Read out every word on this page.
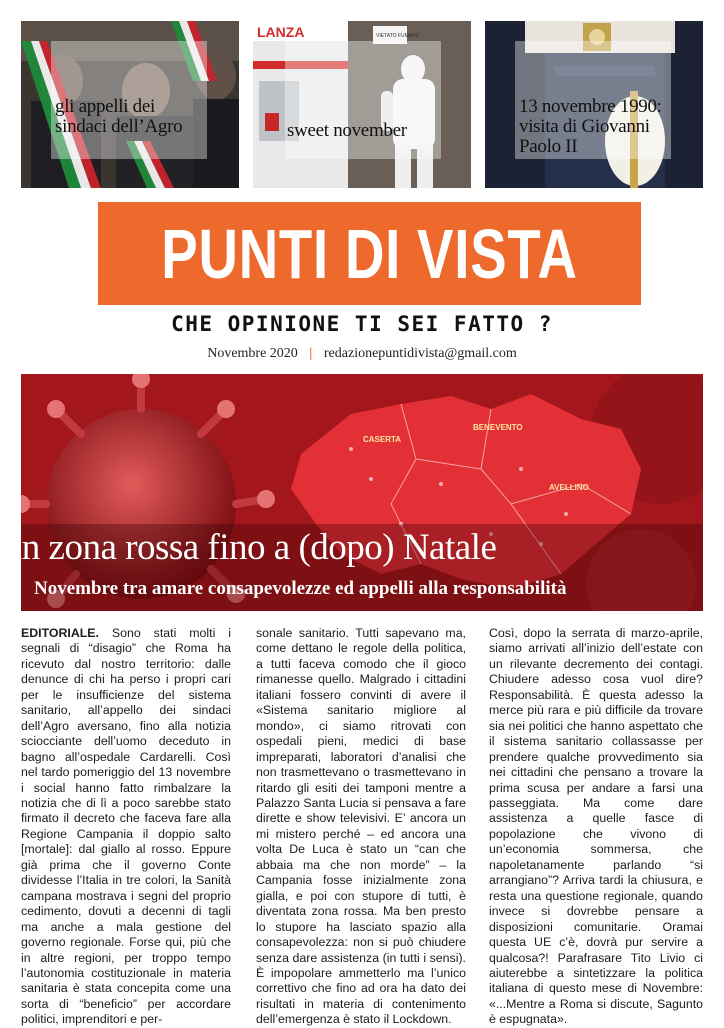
gli appelli dei sindaci dell’Agro
LANZA	VIETATO FUMARE
sweet november
13 novembre 1990: visita di Giovanni Paolo II
PUNTI DI VISTA
CHE OPINIONE TI SEI FATTO ?
Novembre 2020 | redazionepuntidivista@gmail.com
CASERTA
BENEVENTO
AVELLINO
in zona rossa fino a (dopo) Natale
Novembre tra amare consapevolezze ed appelli alla responsabilità
EDITORIALE. Sono stati molti i segnali di “disagio” che Roma ha ricevuto dal nostro territorio: dalle denunce di chi ha perso i propri cari per le insufficienze del sistema sanitario, all’appello dei sindaci dell’Agro aversano, fino alla notizia sciocciante dell’uomo deceduto in bagno all’ospedale Cardarelli. Così nel tardo pomeriggio del 13 novembre i social hanno fatto rimbalzare la notizia che di lì a poco sarebbe stato firmato il decreto che faceva fare alla Regione Campania il doppio salto [mortale]: dal giallo al rosso. Eppure già prima che il governo Conte dividesse l’Italia in tre colori, la Sanità campana mostrava i segni del proprio cedimento, dovuti a decenni di tagli ma anche a mala gestione del governo regionale. Forse qui, più che in altre regioni, per troppo tempo l’autonomia costituzionale in materia sanitaria è stata concepita come una sorta di “beneficio” per accordare politici, imprenditori e per-
sonale sanitario. Tutti sapevano ma, come dettano le regole della politica, a tutti faceva comodo che il gioco rimanesse quello. Malgrado i cittadini italiani fossero convinti di avere il «Sistema sanitario migliore al mondo», ci siamo ritrovati con ospedali pieni, medici di base impreparati, laboratori d’analisi che non trasmettevano o trasmettevano in ritardo gli esiti dei tamponi mentre a Palazzo Santa Lucia si pensava a fare dirette e show televisivi. E’ ancora un mi mistero perché – ed ancora una volta De Luca è stato un “can che abbaia ma che non morde” – la Campania fosse inizialmente zona gialla, e poi con stupore di tutti, è diventata zona rossa. Ma ben presto lo stupore ha lasciato spazio alla consapevolezza: non si può chiudere senza dare assistenza (in tutti i sensi). È impopolare ammetterlo ma l’unico correttivo che fino ad ora ha dato dei risultati in materia di contenimento dell’emergenza è stato il Lockdown.
Così, dopo la serrata di marzo-aprile, siamo arrivati all’inizio dell’estate con un rilevante decremento dei contagi. Chiudere adesso cosa vuol dire? Responsabilità. È questa adesso la merce più rara e più difficile da trovare sia nei politici che hanno aspettato che il sistema sanitario collassasse per prendere qualche provvedimento sia nei cittadini che pensano a trovare la prima scusa per andare a farsi una passeggiata. Ma come dare assistenza a quelle fasce di popolazione che vivono di un’economia sommersa, che napoletanamente parlando “si arrangiano”? Arriva tardi la chiusura, e resta una questione regionale, quando invece si dovrebbe pensare a disposizioni comunitarie. Oramai questa UE c’è, dovrà pur servire a qualcosa?! Parafrasare Tito Livio ci aiuterebbe a sintetizzare la politica italiana di questo mese di Novembre: «...Mentre a Roma si discute, Sagunto è espugnata».
